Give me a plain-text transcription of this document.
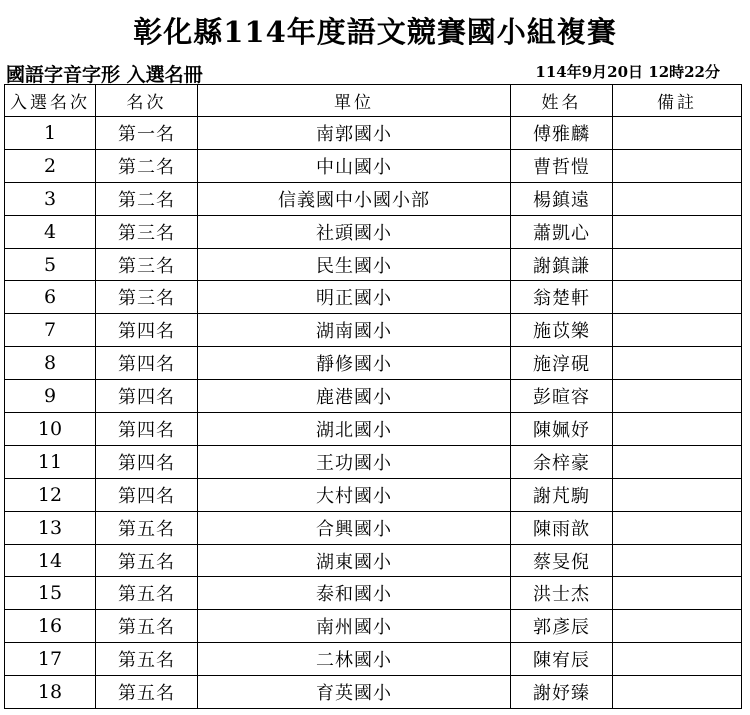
彰化縣114年度語文競賽國小組複賽
國語字音字形 入選名冊	114年9月20日 12時22分
入選名次	名次	單位	姓名	備註
1	第一名	南郭國小	傅雅麟	
2	第二名	中山國小	曹哲愷	
3	第二名	信義國中小國小部	楊鎮遠	
4	第三名	社頭國小	蕭凱心	
5	第三名	民生國小	謝鎮謙	
6	第三名	明正國小	翁楚軒	
7	第四名	湖南國小	施苡樂	
8	第四名	靜修國小	施淳硯	
9	第四名	鹿港國小	彭暄容	
10	第四名	湖北國小	陳姵妤	
11	第四名	王功國小	余梓豪	
12	第四名	大村國小	謝芃駒	
13	第五名	合興國小	陳雨歆	
14	第五名	湖東國小	蔡旻倪	
15	第五名	泰和國小	洪士杰	
16	第五名	南州國小	郭彥辰	
17	第五名	二林國小	陳宥辰	
18	第五名	育英國小	謝妤臻	
